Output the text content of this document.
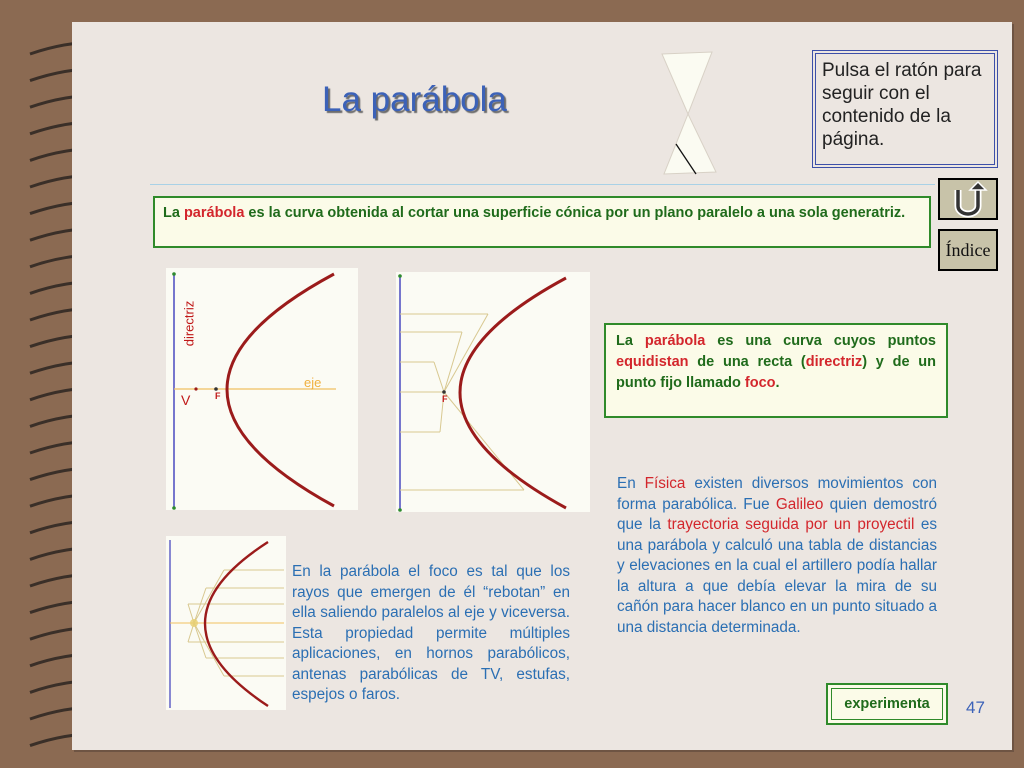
La parábola
Pulsa el ratón para seguir con el contenido de la página.
Índice
La parábola es la curva obtenida al cortar una superficie cónica por un plano paralelo a una sola generatriz.
directriz
eje
V	F	F
La parábola es una curva cuyos puntos equidistan de una recta (directriz) y de un punto fijo llamado foco.
En la parábola el foco es tal que los rayos que emergen de él “rebotan” en ella saliendo paralelos al eje y viceversa. Esta propiedad permite múltiples aplicaciones, en hornos parabólicos, antenas parabólicas de TV, estufas, espejos o faros.
En Física existen diversos movimientos con forma parabólica. Fue Galileo quien demostró que la trayectoria seguida por un proyectil es una parábola y calculó una tabla de distancias y elevaciones en la cual el artillero podía hallar la altura a que debía elevar la mira de su cañón para hacer blanco en un punto situado a una distancia determinada.
experimenta	47
